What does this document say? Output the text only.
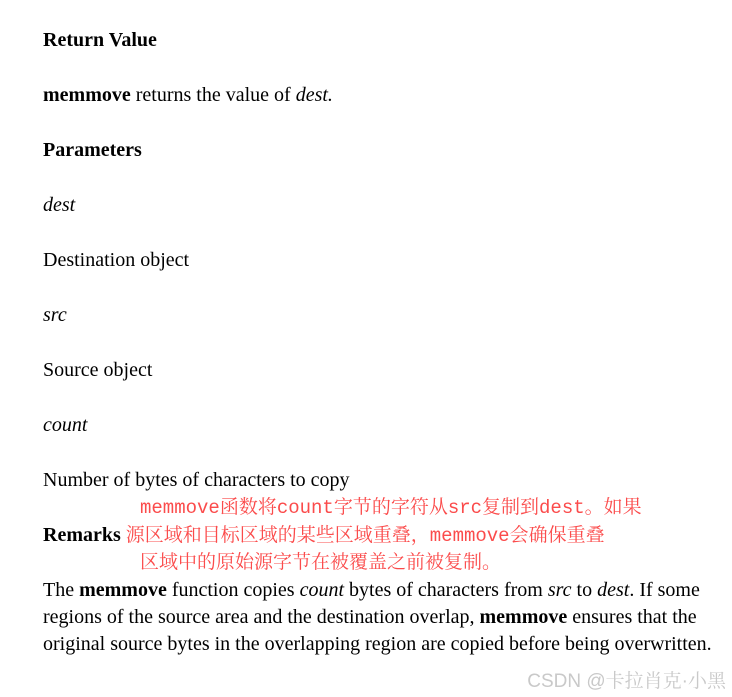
Return Value

memmove returns the value of dest.

Parameters

dest

Destination object

src

Source object

count

Number of bytes of characters to copy

memmove函数将count字节的字符从src复制到dest。如果
Remarks 源区域和目标区域的某些区域重叠，memmove会确保重叠
区域中的原始源字节在被覆盖之前被复制。

The memmove function copies count bytes of characters from src to dest. If some regions of the source area and the destination overlap, memmove ensures that the original source bytes in the overlapping region are copied before being overwritten.

CSDN @卡拉肖克·小黑
